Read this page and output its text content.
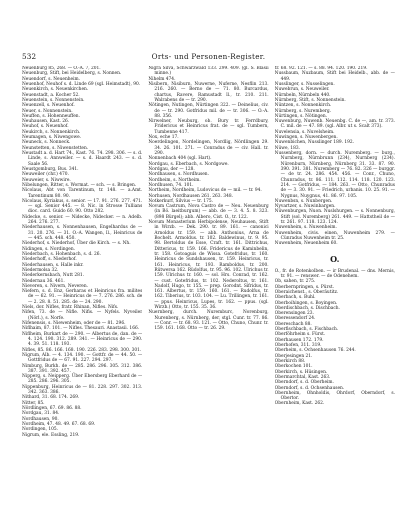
532	Orts- und Personen-Register.

Neuenbürg 85, 268. — O.-A. 7, 201.

Neuenburg, Stift, bei Heidelberg, s. Nonnen.

Neuendorf, s. Neuenheim.

Neuenhof, Neuhof s. d. Linde 69 (sgl. Heimstadt), 90.

Neuenkirch, s. Neuenkirchen.

Neuenstadt, a. Kocher 52.

Neuenstein, s. Nonnenstein.

Neuenzell, s. Neuenhof.

Neuer, s. Nonnenstein.

Neuffen, s. Hohenneuffen.

Neuhausen, Kast. 26.

Neuhof, s. Neuenhof.

Neukirch, s. Nonnenkirch.

Neumagen, s. Niwengowe.

Neuneck, s. Nonneck.

Neunstetten, s. Niwenstetten.

Neustadt a. d. Hart 74., Kast. 76. 74. 298. 306. — s. d. Linde, s. Annweiler. — s. d. Haardt 243. — s. d. Saale 56.

Neustgomburg, Bus. 341.

Neuweiler (chr.) 470.

Neuweier, s. Niwwire.

Nibelungen, Ritter, s. Wormat. — sch. — s. Bringen.

Nicolaus, Abt von Tarentinum, tr. 148. — a.Amt. Tarentinum 80. 90.

Nicolaus, Kyriakus, s. senior. — 17. 91. 276. 277. 471. — sgl. Senior 445. — 8. Nic. in Strosse Tullians dioc. card. Guido 60. 90. Otto 282.

Nidecke, s. senior. — Nidecke, Nidecker. — n. Adelb. 264. 276. 277.

Niederhausen, s. Nonnenhausen, Engelhardus de — 31. 20. 276. — 31. O.-A. Wangen, ll., Heinricus de — 445. sch. 448. 450.

Niederhof, s. Niederhof, Über die Kirch. — s. Nh.

Nidingen, s. Nordingen.

Niederbach, s. Hohenbach, s. d. 26.

Niederhoff, s. Niederhof.

Niederhausen, s. Halle inkr.

Niedermolsa 32.

Niederkernsbach, Nutt 281.

Niedernau 36. 461.

Nieveren, s. Nivern, Neveren.

Niefern, s. d. Enz, Gerharas et Heinricus fra. milites de — 62. 91. — Heinricus de — 7. 276. 286. sch. de — 2. 28. 8. 51. 285. de — 24. 290.

Niels, dor. Nifles, fratr. Rhinan, Nifles. Nifs.

Nifen, 73. de — Nifle. Nifis. — Nyfels. Nyveiler (Nörl.), s. Norfe.

Nifenensis, s. Niewenheim, oder de — 81. 296.

Niflhaim, 87. 101. — Nifles. Thesauri. Anastasii. 166.

Niflheim, Burkart de — 290. — Albertus de, dan. de — 4. 124. 190. 312. 289. 341. — Heinricus de — 290. 4. 39. 51. 118. 193.

Nifles, 85. 86. 166. 168. 190. 226. 283. 298. 300. 301.

Nigrum, Alb. — 4. 134. 190. — Gottfr. de — 44. 50. — Gottfridus de — 67. 91. 227. 294. 297.

Nimburg, Burkh. de — 285. 286. 296. 305. 312. 386. 387. 391. 392. 457.

Nipperg, s. Neipperg. Über Ebersberg Eberhard de — 285. 286. 296. 305.

Nippenburg, Heinricus de — 81. 228. 297. 302. 313. 342. 363. 386.

Nithard, 31. 68. 174. 269.

Nitter, 85.

Nördlingen, 67. 69. 86. 88.

Nordgau, 31. 84.

Nordhausen, 90.

Nordheim, 47. 48. 49. 67. 68. 69.

Nordingen, 105.

Nigrum, ele. Essling, 219.

Nigra Silva, Schwarzwald 133. 299. 409. (gl. S. Blasii minne.)

Nihelm 474.

Nisibern, Nisiburn, Nuwerne, Nuferne, Nesflin 213. 216. 260. — Berno de — 71. 80. Burcardus, chartus, Ravere, Ramustadt ll., tr. 210. 211. Walrabens de — tr. 290.

Nötingen, Nutingen, Nürtingen 322. — Deinelius, civ. de — tr. 290. Gotfridus mil. de — tr. 306. — O.-A. 88. 356.

Nirwelner, Neuburg, ob. Bury tr. Ferrdbury, Fridericus et Heinricus frat. de — sgl. Tumbern, Tumbenne 417.

Nox, eche 17.

Noerdelingen, Nordelingen, Nordlig, Nördlingen 29. 34. 26. 101. 271. — Conradus de — civ. Hall. tr. 290.

Nonnenbach 404 (sgl. Hart).

Nordgau, s. Eberbach, s. Nordgowe.

Nordgau, der — 128.

Nordhausen, s. Nordhusen.

Nordheim, s. Northeim.

Nordhusen, 74. 101.

Northeim, Nordheim, Ludovicus de — mil. — tr. 94.

Norhusen, Nordhausen 261. 263. 348.

Notkerkurf, Silvius — tr. 175.

Novum Castrum, Nova Castro de — Neu. Neuenburg (in Bö. laeitburgum) — abb. de — 3. 4. 5. 8. 323. (898 Bürgel); abb. Albero, Cist. O., tr. 122.

Novum Monasterium Herbipolense, Neuhausen, Stift in Wirzb. — Dek. 290. tr. 89. 161. — canonici Arnoldus tr. 159. — abb. Anthonius, Arna de Bochelt. Armoldus. tr. 102. Baldewinus, tr. 9. 95. 98. Bertoldus de Esse, Craft. tr. 161. Dittrichus, Dittericus, tr. 159. 166. Fridericus de Kaminbelin, tr. 158. Gotoaguis de Wissa. Gotefridus, tr. 160. Heinricus de Sundshausen, tr. 159. Heinricus, tr. 161. Heinricus, tr. 193. Ramboldus, tr. 200. Rütwersa 162. Rüdolfus, tr. 95. 96. 102. Ulrichus tr. 159. Ulrichus tr. 160. — sol. Hrs. Conrad, tr. 162. — cust. Gotefridus, tr. 102. Nederoltus, tr. 161. Nadolf, Hugo, tr. 155. — prep. Gorodnt. Sifridus, tr. 161. Albertus, tr. 159. 160. 161. — Rudolfus, tr. 162. Tiberius, tr. 103. 104. — Lu. Trillingen, tr. 161. — ppus. Heinricus, Lupes, tr. 162. — ppus. (sgl. Wirzb.) Otto, tr. 155. 35. 36.

Nuernberg, durch. Nuremburc, Norenburg, Nurenberg, s. Nürnberg, der, stgl. Cunr. tr. 77. 86. — Conr. — tr. 68. 93. 121. — Otto, Chuno, Chunr. tr. 159. 161. 168. Otto — tr. 26. 29.

tr. 68. 92. 121. — s. 88. 94. 120. 190. 219.

Nussbaum, Nuzbaum, Stift bei Heidelb., abb. de — 449.

Nusslinger, s. Nusselingen.

Nuwebrun, s. Neuweiler.

Nürnbeln, Nürnbeln 440.

Nürnberg, Stift, s. Nonnenstein.

Nüntzen, s. Nonnenkirch.

Nürnberg, s. Nuremberg.

Nürtingen, s. Nötingen.

Nuwenburg, Nuwenb. Neuenbg. C. de —, am. tr. 373. C. mil. de — 47. 89. (sgl. Albr. ut s. Scalt 373).

Nuvelensia, s. Nuvelsheim.

Nuwingen, s. Nuwenbergen.

Nuwenbichen, Nusslinger 189. 192.

Nüwe, 183.

Nussenberg, dorn. — durch. Nuremberg. — burg., Nurnberg, Nürnbrunn (234), Nurnberg (234). Nürenburn, Nürnberg, Nürnberg 31. 33. 87. 90. 390. 391. 381. Nuremberg — 76. 82. 326 — burggr. — de tr. 24. 286. 454. 456. — Conr., Chuno, Chunradus, tr. 86. 111. 112. 114. 118. 120. 123. 214. — Gotfridus, — 184. 263. — Otto, Chunradus de — 3. 30. 91. — Friedrich, urbanis. 10. 25. 91. — Nygnus, Nuygnus, 41. 86. 97. 105.

Nuwenbsn, s. Nunbergen.

Nyvartzer, s. Nuwinbargen.

Nüwenburgen, Nuon. Nuslshurgen. — s. Nonnenburg, Stift (sol. Nuremberg) 261. 449. — Hattstheil de — tr. 261. 97. 118. 123. 124.

Nuwenheim, s. Nuwenheim.

Nuwenheim, civis. einen, Nuwenheim 279. — Cünradus Nuwenheim tr. 25.

Nuwenheim, Neuenheim 60.

O.

O., fr. de Rotenkolben. — ir Brudenal. — dns. Mernis, tr. 91. — renswer. — de Odenehem.

Ob, sahen, tr. 275.

Oberbernpringen, s. Pürst.

Oberaichenst., s. Oberäutitz.

Oberbach, s. Buhl.

Oberboihingen, s. Boyingen.

Oberdischbach, s. Dischbach.

Oberensingen 23.

Oberessendorf 24.

Obereschach 88.

Oberfischbach, s. Fischbach.

Oberföhrheim s. Fürst.

Oberhausen 172. 179.

Oberhofen, 311. 319.

Oberheim, s. Ochsenhausen 76. 244.

Oberjesingen 21.

Oberkirch 88.

Oberkochen 101.

Oberkirch, s. Hüsingen.

Obermarchtal, Kast. 263.

Oberndorf, s. d. Oberheim.

Oberndorf, s. d. Ochsenhausen.

Obernheim, Ohnholdis, Ohrdorf, Oberndorf, s. Obertor.

Obernheim, Kast. 262.
